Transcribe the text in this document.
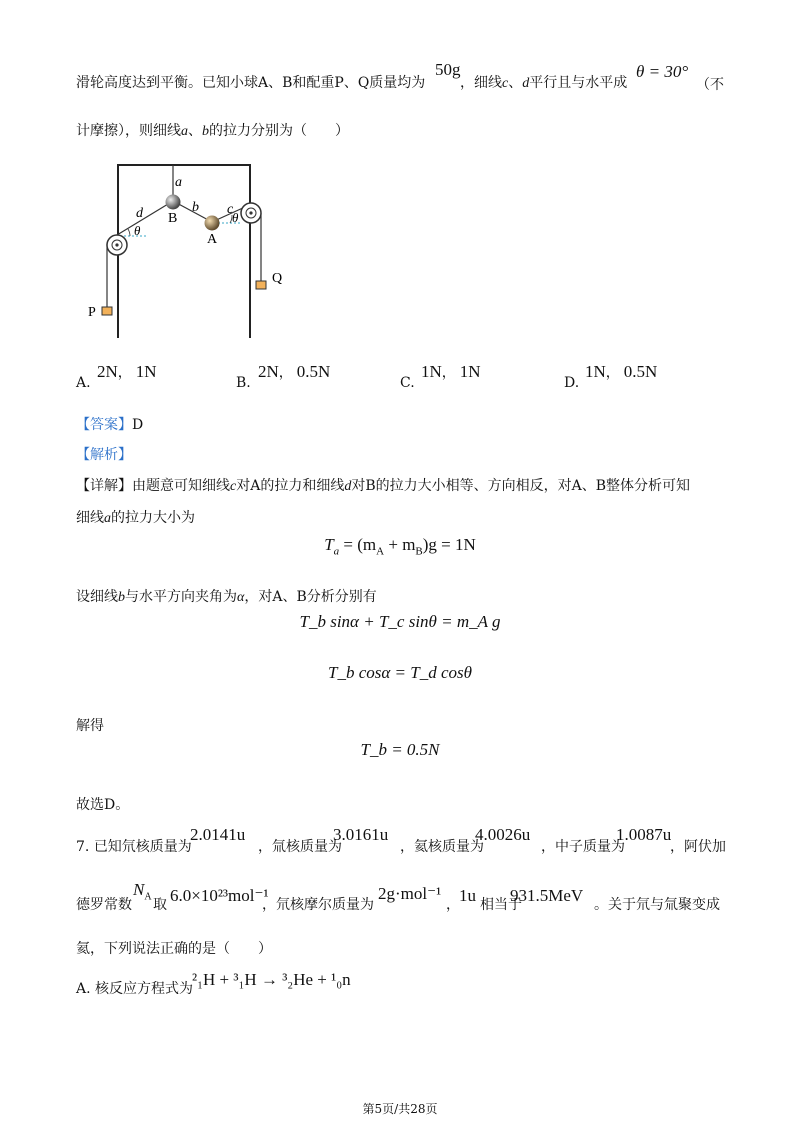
滑轮高度达到平衡。已知小球A、B和配重P、Q质量均为
50g
，细线c、d平行且与水平成
θ = 30°
（不
计摩擦），则细线a、b的拉力分别为（　　）
a
d	b c
B
A
θ
θ
P
Q
A.
2N， 1N
B.
2N， 0.5N
C.
1N， 1N
D.
1N， 0.5N
【答案】D
【解析】
【详解】由题意可知细线c对A的拉力和细线d对B的拉力大小相等、方向相反，对A、B整体分析可知
细线a的拉力大小为
$T_a = (m_A + m_B)g = 1N$
设细线b与水平方向夹角为α，对A、B分析分别有
T_b sinα + T_c sinθ = m_A g
T_b cosα = T_d cosθ
解得
T_b = 0.5N
故选D。
7. 已知氘核质量为
2.0141u
，氚核质量为
3.0161u
，氦核质量为
4.0026u
，中子质量为
1.0087u
，阿伏加
德罗常数
$N_A$
取 6.0×10²³mol⁻¹
，氘核摩尔质量为
2g·mol⁻¹
， 1u 相当于
931.5MeV 。关于氘与氚聚变成
氦，下列说法正确的是（　　）
A. 核反应方程式为
²₁H + ³₁H → ³₂He + ¹₀n
第5页/共28页
